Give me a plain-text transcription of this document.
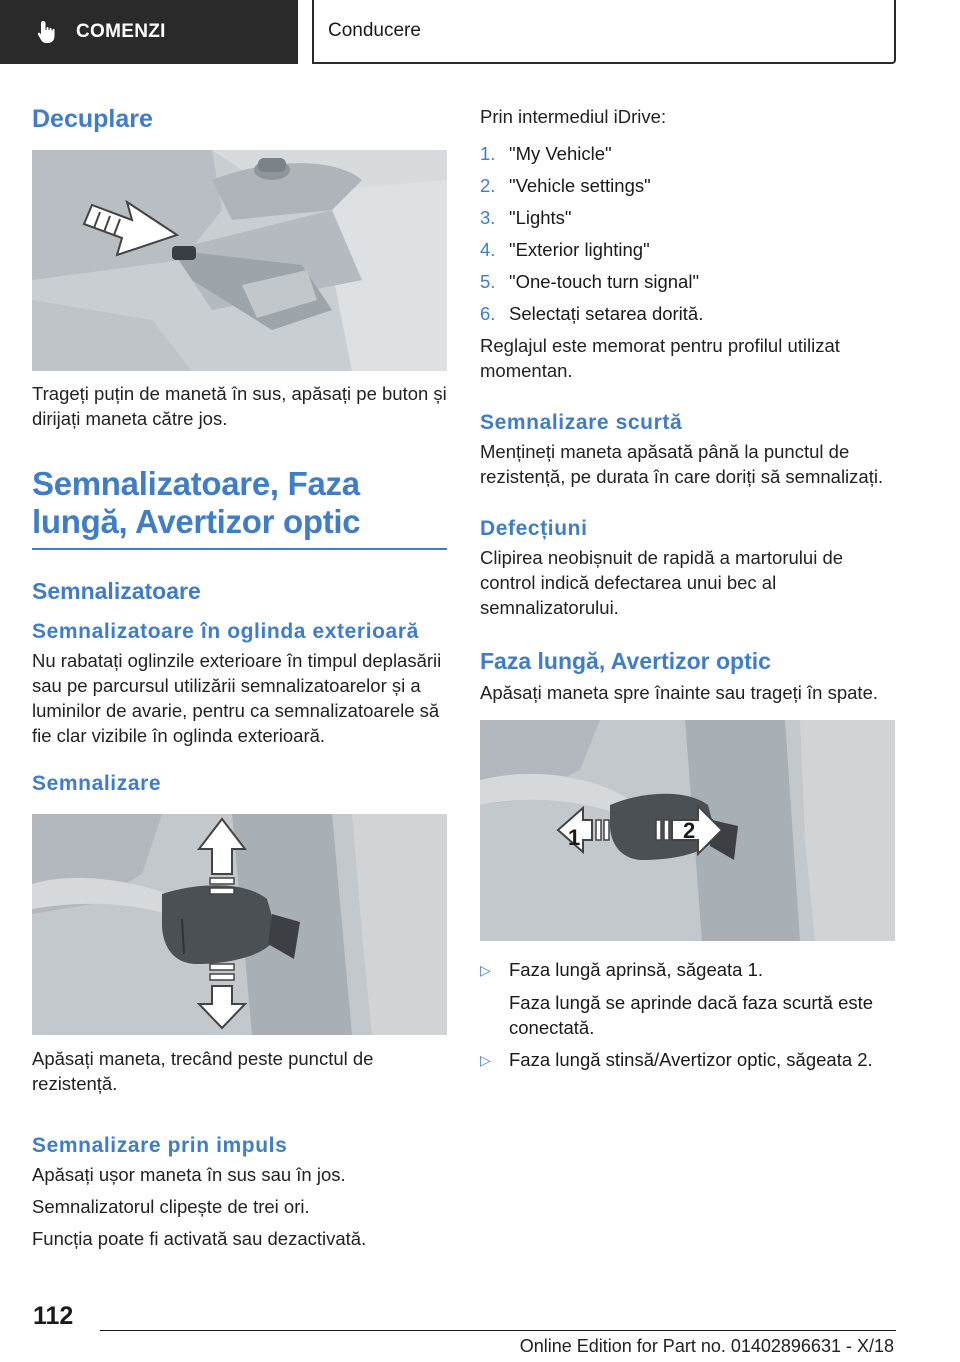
COMENZI	Conducere
Decuplare
Trageți puțin de manetă în sus, apăsați pe buton și dirijați maneta către jos.
Semnalizatoare, Faza lungă, Avertizor optic
Semnalizatoare
Semnalizatoare în oglinda exterioară
Nu rabatați oglinzile exterioare în timpul deplasării sau pe parcursul utilizării semnalizatoarelor și a luminilor de avarie, pentru ca semnalizatoarele să fie clar vizibile în oglinda exterioară.
Semnalizare
Apăsați maneta, trecând peste punctul de rezistență.
Semnalizare prin impuls
Apăsați ușor maneta în sus sau în jos.
Semnalizatorul clipește de trei ori.
Funcția poate fi activată sau dezactivată.
Prin intermediul iDrive:
1. "My Vehicle"
2. "Vehicle settings"
3. "Lights"
4. "Exterior lighting"
5. "One-touch turn signal"
6. Selectați setarea dorită.
Reglajul este memorat pentru profilul utilizat momentan.
Semnalizare scurtă
Mențineți maneta apăsată până la punctul de rezistență, pe durata în care doriți să semnalizați.
Defecțiuni
Clipirea neobișnuit de rapidă a martorului de control indică defectarea unui bec al semnalizatorului.
Faza lungă, Avertizor optic
Apăsați maneta spre înainte sau trageți în spate.
1	2
▷ Faza lungă aprinsă, săgeata 1.
Faza lungă se aprinde dacă faza scurtă este conectată.
▷ Faza lungă stinsă/Avertizor optic, săgeata 2.
112
Online Edition for Part no. 01402896631 - X/18
